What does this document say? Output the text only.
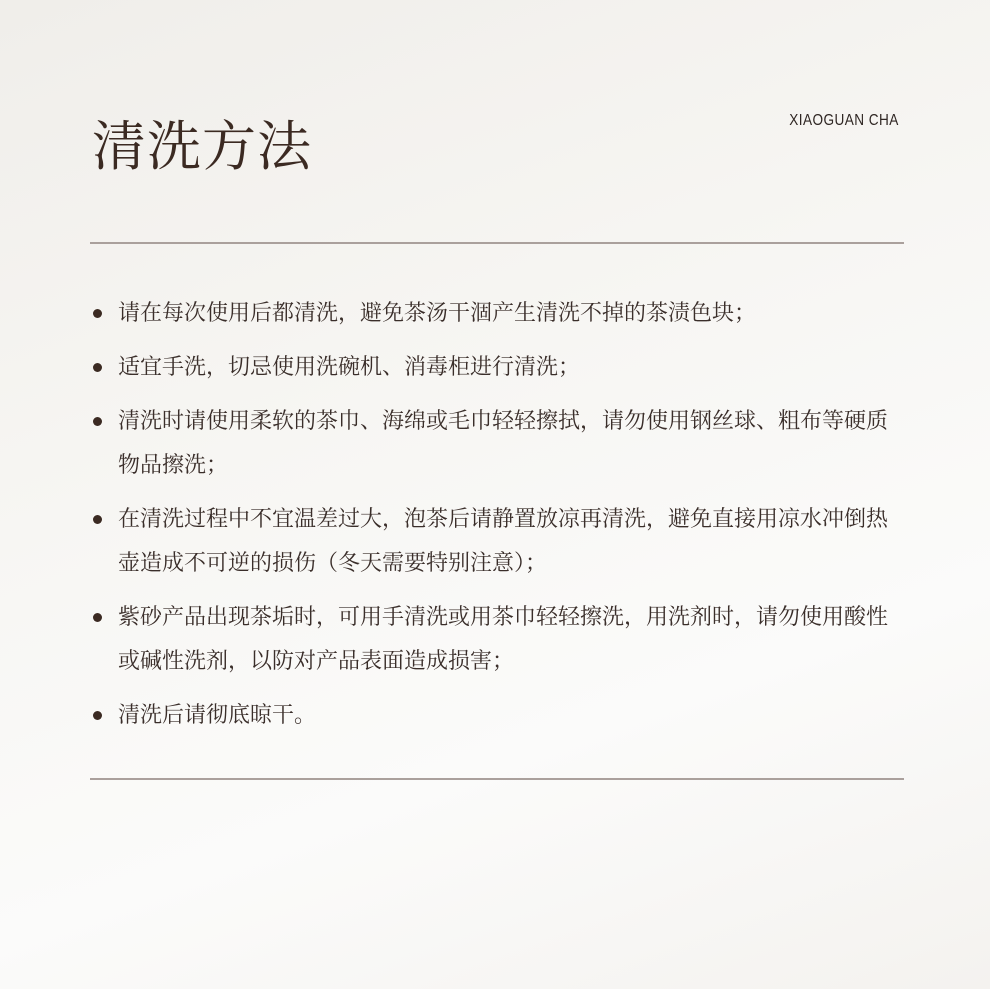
清洗方法	XIAOGUAN CHA
请在每次使用后都清洗，避免茶汤干涸产生清洗不掉的茶渍色块；
适宜手洗，切忌使用洗碗机、消毒柜进行清洗；
清洗时请使用柔软的茶巾、海绵或毛巾轻轻擦拭，请勿使用钢丝球、粗布等硬质物品擦洗；
在清洗过程中不宜温差过大，泡茶后请静置放凉再清洗，避免直接用凉水冲倒热壶造成不可逆的损伤（冬天需要特别注意）；
紫砂产品出现茶垢时，可用手清洗或用茶巾轻轻擦洗，用洗剂时，请勿使用酸性或碱性洗剂，以防对产品表面造成损害；
清洗后请彻底晾干。
